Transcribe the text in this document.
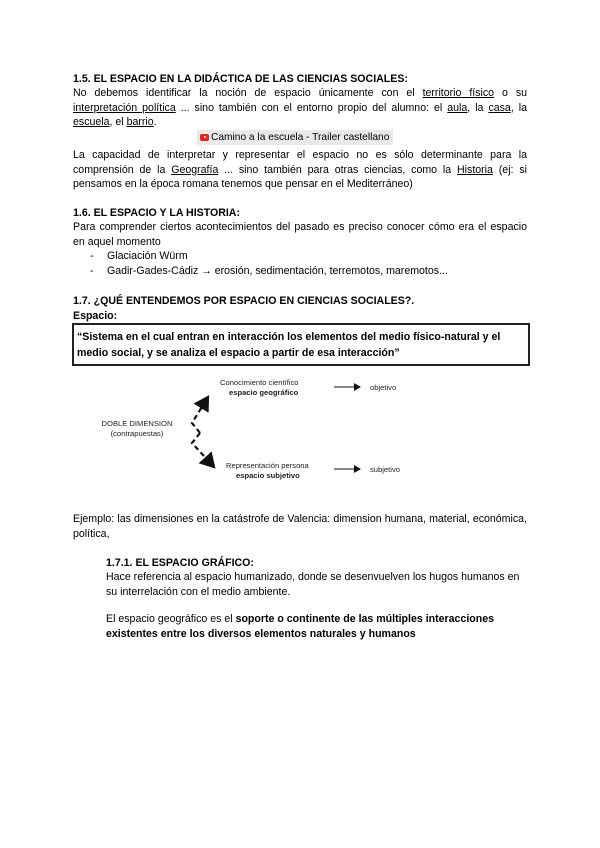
1.5. EL ESPACIO EN LA DIDÁCTICA DE LAS CIENCIAS SOCIALES:

No debemos identificar la noción de espacio únicamente con el territorio físico o su interpretación política ... sino también con el entorno propio del alumno: el aula, la casa, la escuela, el barrio.

Camino a la escuela - Trailer castellano

La capacidad de interpretar y representar el espacio no es sólo determinante para la comprensión de la Geografía ... sino también para otras ciencias, como la Historia (ej: si pensamos en la época romana tenemos que pensar en el Mediterráneo)

1.6. EL ESPACIO Y LA HISTORIA:

Para comprender ciertos acontecimientos del pasado es preciso conocer cómo era el espacio en aquel momento

- Glaciación Würm
- Gadir-Gades-Cádiz → erosión, sedimentación, terremotos, maremotos...
1.7. ¿QUÉ ENTENDEMOS POR ESPACIO EN CIENCIAS SOCIALES?.
Espacio:
“Sistema en el cual entran en interacción los elementos del medio físico-natural y el medio social, y se analiza el espacio a partir de esa interacción”
DOBLE DIMENSIÓN
(contrapuestas)
Conocimiento científico
espacio geográfico	objetivo
Representación persona
espacio subjetivo
subjetivo

Ejemplo: las dimensiones en la catástrofe de Valencia: dimension humana, material, económica, política,

1.7.1. EL ESPACIO GRÁFICO:

Hace referencia al espacio humanizado, donde se desenvuelven los hugos humanos en su interrelación con el medio ambiente.

El espacio geográfico es el soporte o continente de las múltiples interacciones existentes entre los diversos elementos naturales y humanos
